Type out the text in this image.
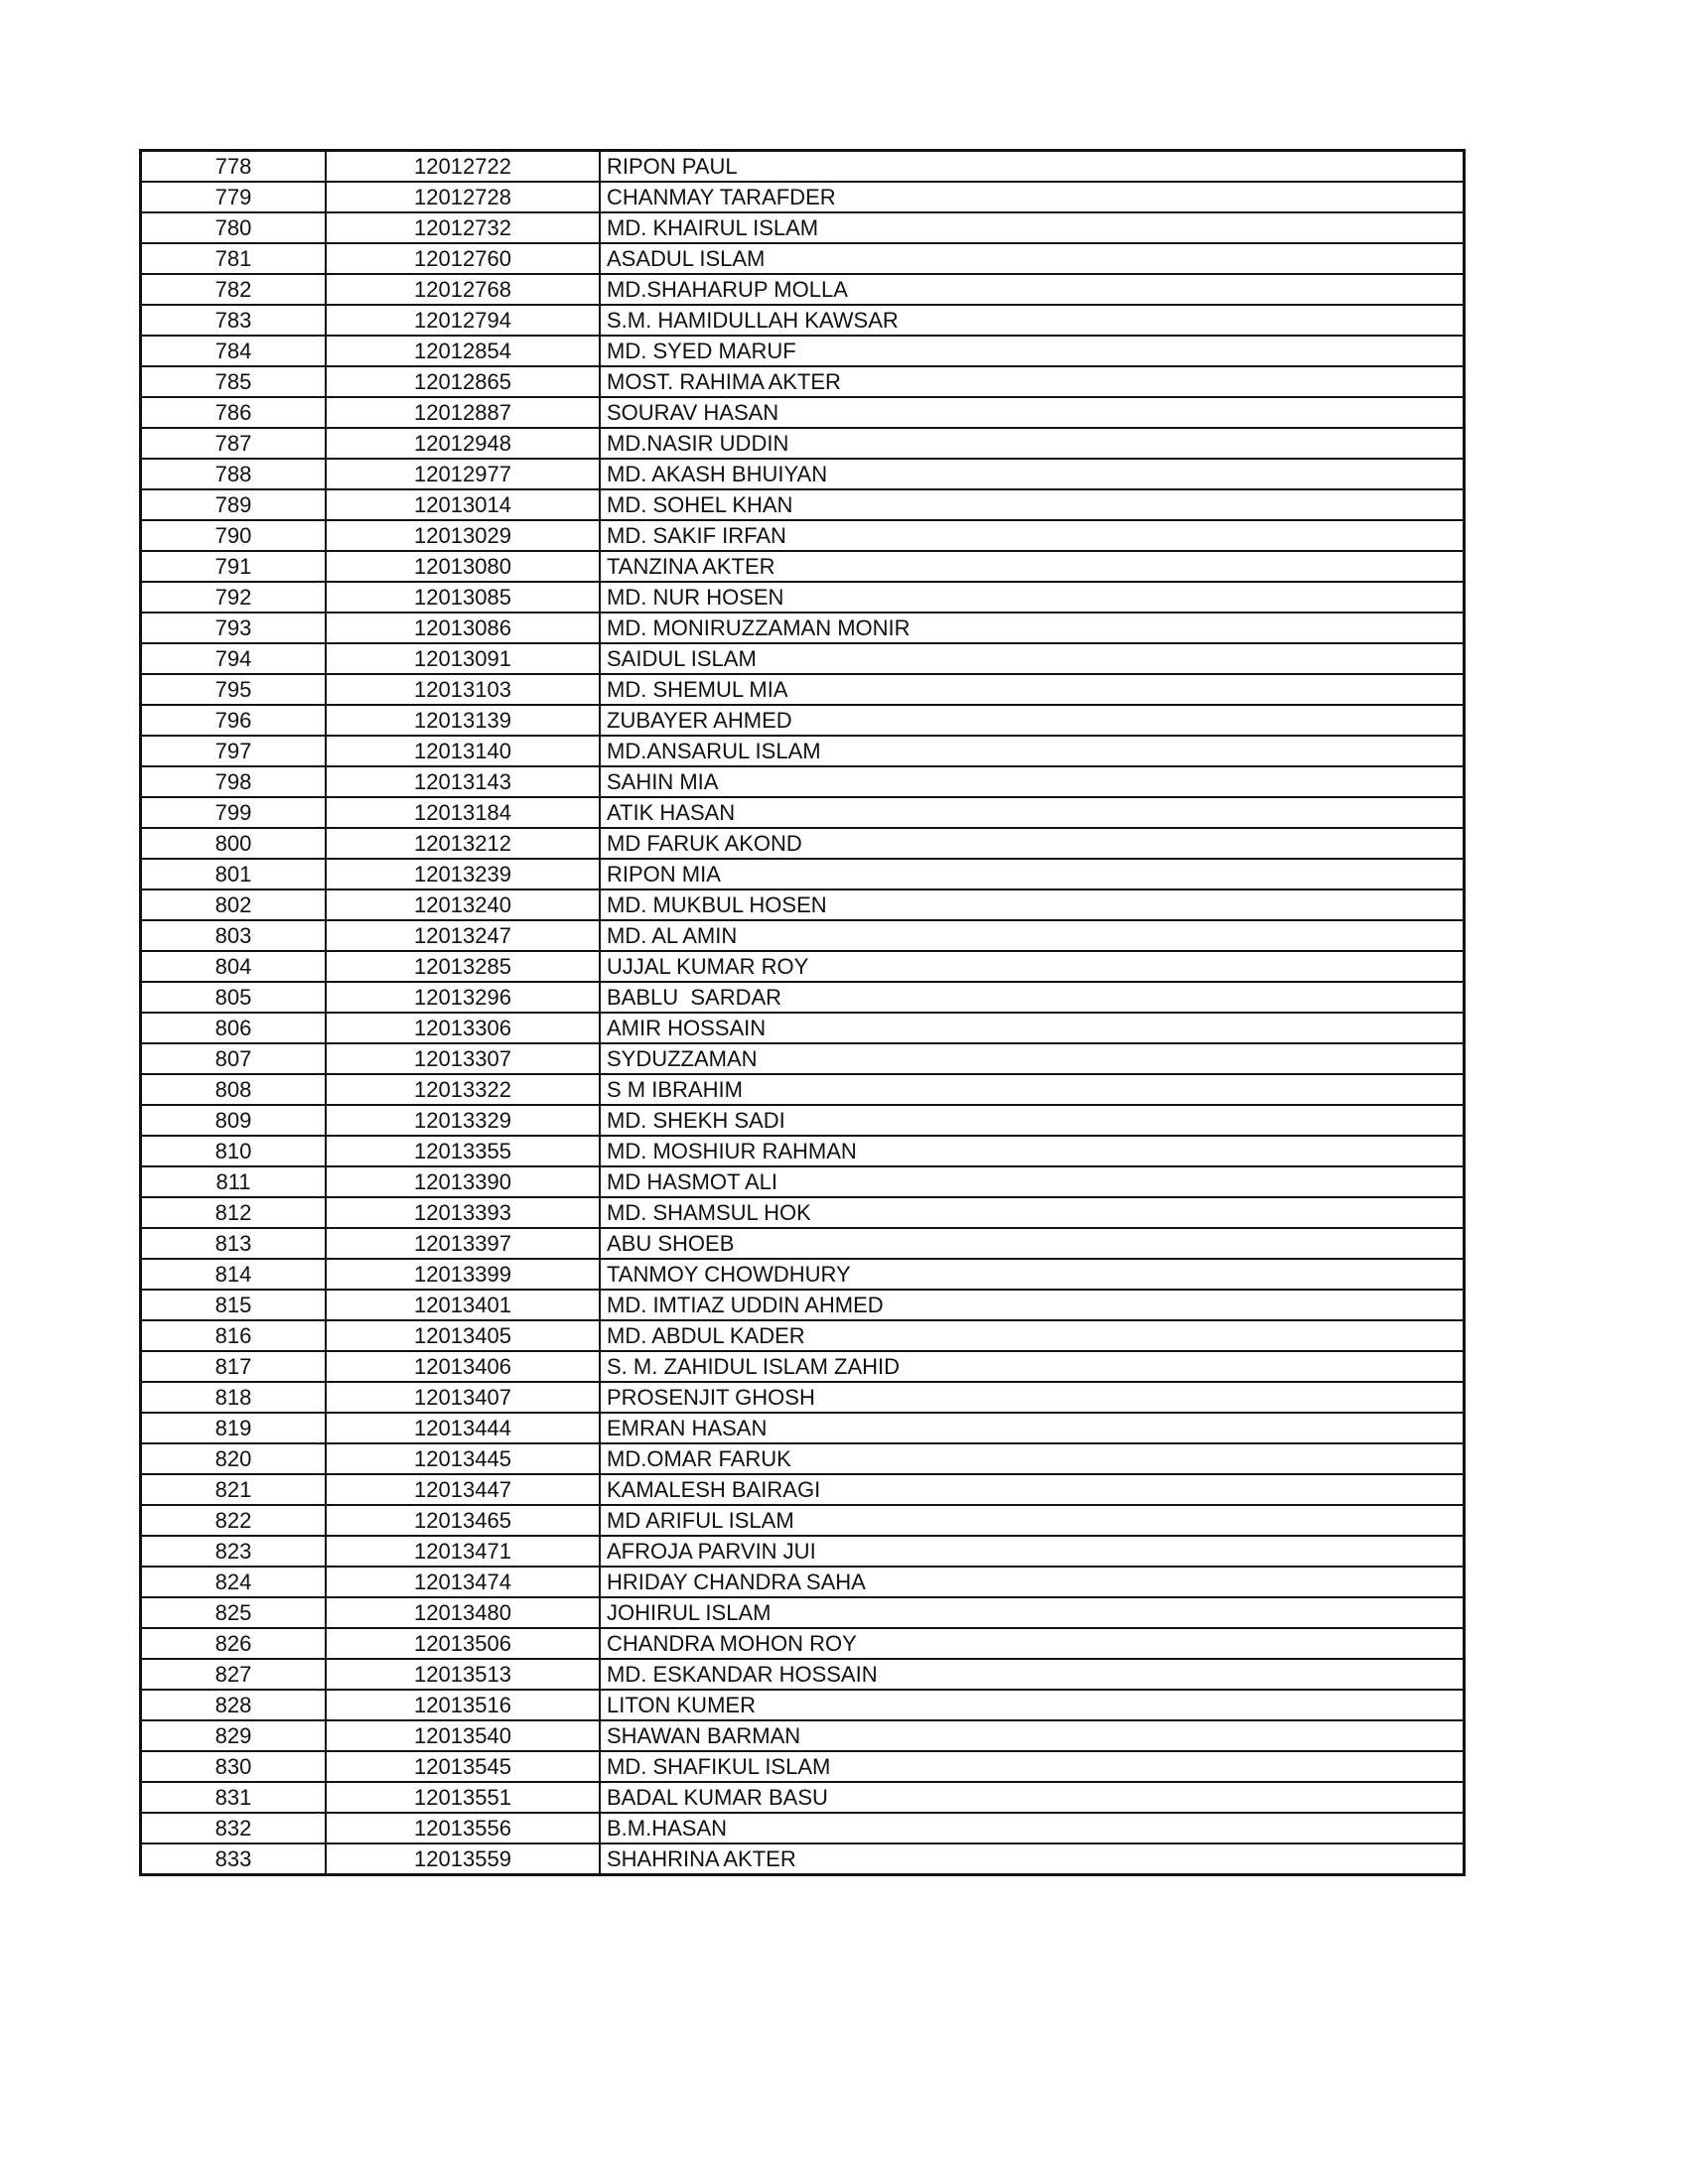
778	12012722	RIPON PAUL
779	12012728	CHANMAY TARAFDER
780	12012732	MD. KHAIRUL ISLAM
781	12012760	ASADUL ISLAM
782	12012768	MD.SHAHARUP MOLLA
783	12012794	S.M. HAMIDULLAH KAWSAR
784	12012854	MD. SYED MARUF
785	12012865	MOST. RAHIMA AKTER
786	12012887	SOURAV HASAN
787	12012948	MD.NASIR UDDIN
788	12012977	MD. AKASH BHUIYAN
789	12013014	MD. SOHEL KHAN
790	12013029	MD. SAKIF IRFAN
791	12013080	TANZINA AKTER
792	12013085	MD. NUR HOSEN
793	12013086	MD. MONIRUZZAMAN MONIR
794	12013091	SAIDUL ISLAM
795	12013103	MD. SHEMUL MIA
796	12013139	ZUBAYER AHMED
797	12013140	MD.ANSARUL ISLAM
798	12013143	SAHIN MIA
799	12013184	ATIK HASAN
800	12013212	MD FARUK AKOND
801	12013239	RIPON MIA
802	12013240	MD. MUKBUL HOSEN
803	12013247	MD. AL AMIN
804	12013285	UJJAL KUMAR ROY
805	12013296	BABLU  SARDAR
806	12013306	AMIR HOSSAIN
807	12013307	SYDUZZAMAN
808	12013322	S M IBRAHIM
809	12013329	MD. SHEKH SADI
810	12013355	MD. MOSHIUR RAHMAN
811	12013390	MD HASMOT ALI
812	12013393	MD. SHAMSUL HOK
813	12013397	ABU SHOEB
814	12013399	TANMOY CHOWDHURY
815	12013401	MD. IMTIAZ UDDIN AHMED
816	12013405	MD. ABDUL KADER
817	12013406	S. M. ZAHIDUL ISLAM ZAHID
818	12013407	PROSENJIT GHOSH
819	12013444	EMRAN HASAN
820	12013445	MD.OMAR FARUK
821	12013447	KAMALESH BAIRAGI
822	12013465	MD ARIFUL ISLAM
823	12013471	AFROJA PARVIN JUI
824	12013474	HRIDAY CHANDRA SAHA
825	12013480	JOHIRUL ISLAM
826	12013506	CHANDRA MOHON ROY
827	12013513	MD. ESKANDAR HOSSAIN
828	12013516	LITON KUMER
829	12013540	SHAWAN BARMAN
830	12013545	MD. SHAFIKUL ISLAM
831	12013551	BADAL KUMAR BASU
832	12013556	B.M.HASAN
833	12013559	SHAHRINA AKTER
